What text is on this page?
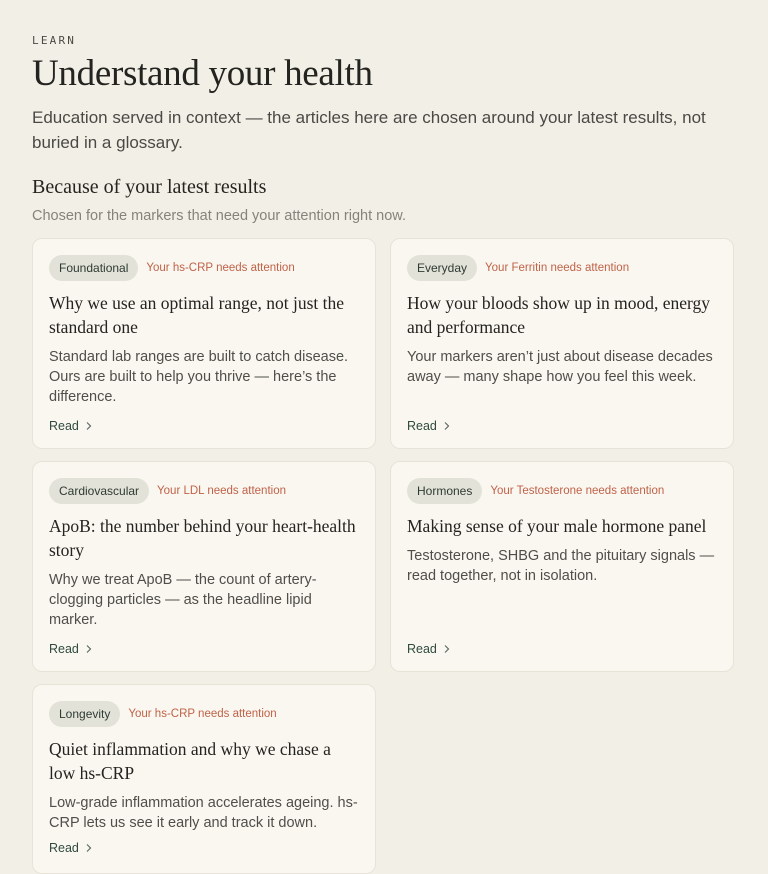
LEARN
Understand your health

Education served in context — the articles here are chosen around your latest results, not buried in a glossary.

Because of your latest results

Chosen for the markers that need your attention right now.

Foundational	Your hs-CRP needs attention
Why we use an optimal range, not just the standard one

Standard lab ranges are built to catch disease. Ours are built to help you thrive — here’s the difference.

Read
Everyday	Your Ferritin needs attention
How your bloods show up in mood, energy and performance

Your markers aren’t just about disease decades away — many shape how you feel this week.

Read
Cardiovascular	Your LDL needs attention
ApoB: the number behind your heart-health story

Why we treat ApoB — the count of artery-clogging particles — as the headline lipid marker.

Read
Hormones	Your Testosterone needs attention
Making sense of your male hormone panel

Testosterone, SHBG and the pituitary signals — read together, not in isolation.

Read
Longevity	Your hs-CRP needs attention
Quiet inflammation and why we chase a low hs-CRP

Low-grade inflammation accelerates ageing. hs-CRP lets us see it early and track it down.

Read
